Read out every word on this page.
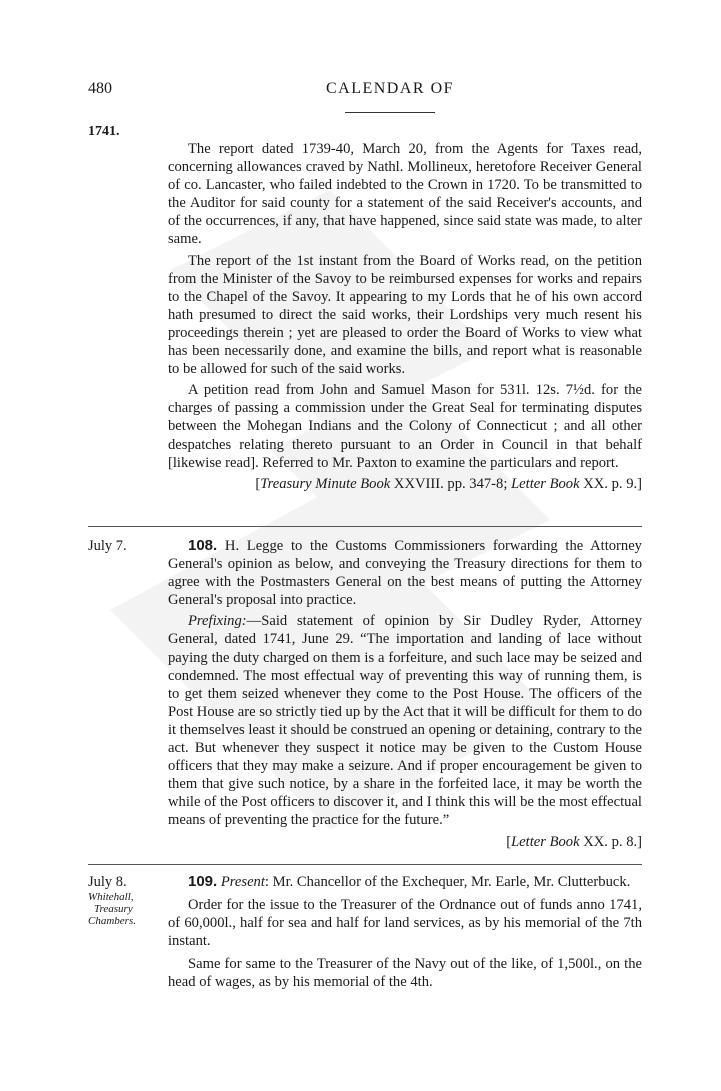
480	CALENDAR OF
1741.

The report dated 1739-40, March 20, from the Agents for Taxes read, concerning allowances craved by Nathl. Mollineux, heretofore Receiver General of co. Lancaster, who failed indebted to the Crown in 1720. To be transmitted to the Auditor for said county for a statement of the said Receiver's accounts, and of the occurrences, if any, that have happened, since said state was made, to alter same.

The report of the 1st instant from the Board of Works read, on the petition from the Minister of the Savoy to be reimbursed expenses for works and repairs to the Chapel of the Savoy. It appearing to my Lords that he of his own accord hath presumed to direct the said works, their Lordships very much resent his proceedings therein ; yet are pleased to order the Board of Works to view what has been necessarily done, and examine the bills, and report what is reasonable to be allowed for such of the said works.

A petition read from John and Samuel Mason for 531l. 12s. 7½d. for the charges of passing a commission under the Great Seal for terminating disputes between the Mohegan Indians and the Colony of Connecticut ; and all other despatches relating thereto pursuant to an Order in Council in that behalf [likewise read]. Referred to Mr. Paxton to examine the particulars and report.

[Treasury Minute Book XXVIII. pp. 347-8; Letter Book XX. p. 9.]

July 7.	108. H. Legge to the Customs Commissioners forwarding the Attorney General's opinion as below, and conveying the Treasury directions for them to agree with the Postmasters General on the best means of putting the Attorney General's proposal into practice.

Prefixing:—Said statement of opinion by Sir Dudley Ryder, Attorney General, dated 1741, June 29. “The importation and landing of lace without paying the duty charged on them is a forfeiture, and such lace may be seized and condemned. The most effectual way of preventing this way of running them, is to get them seized whenever they come to the Post House. The officers of the Post House are so strictly tied up by the Act that it will be difficult for them to do it themselves least it should be construed an opening or detaining, contrary to the act. But whenever they suspect it notice may be given to the Custom House officers that they may make a seizure. And if proper encouragement be given to them that give such notice, by a share in the forfeited lace, it may be worth the while of the Post officers to discover it, and I think this will be the most effectual means of preventing the practice for the future.”

[Letter Book XX. p. 8.]

July 8.
Whitehall,
Treasury
Chambers.

109. Present: Mr. Chancellor of the Exchequer, Mr. Earle, Mr. Clutterbuck.

Order for the issue to the Treasurer of the Ordnance out of funds anno 1741, of 60,000l., half for sea and half for land services, as by his memorial of the 7th instant.

Same for same to the Treasurer of the Navy out of the like, of 1,500l., on the head of wages, as by his memorial of the 4th.
